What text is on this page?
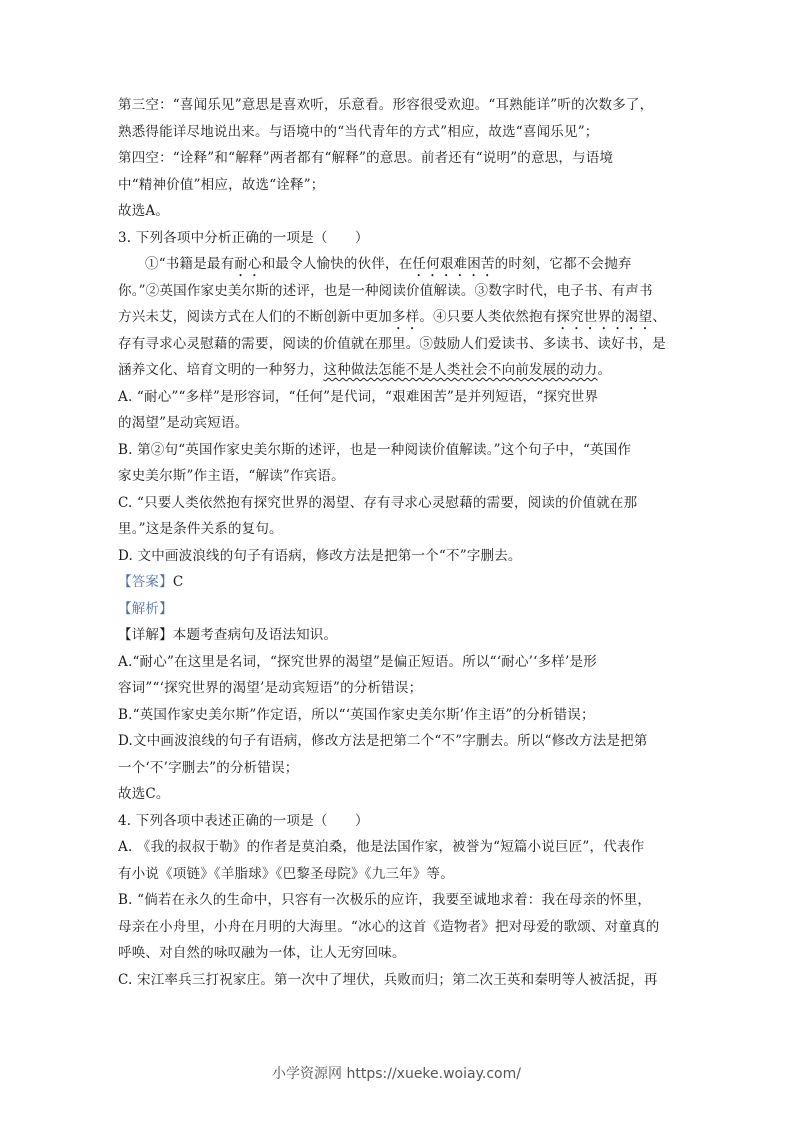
第三空：“喜闻乐见”意思是喜欢听，乐意看。形容很受欢迎。“耳熟能详”听的次数多了，
熟悉得能详尽地说出来。与语境中的“当代青年的方式”相应，故选“喜闻乐见”；
第四空：“诠释”和“解释”两者都有“解释”的意思。前者还有“说明”的意思，与语境
中“精神价值”相应，故选“诠释”；
故选A。
3. 下列各项中分析正确的一项是（　　）
①“书籍是最有耐心和最令人愉快的伙伴，在任何艰难困苦的时刻，它都不会抛弃
你。”②英国作家史美尔斯的述评，也是一种阅读价值解读。③数字时代，电子书、有声书
方兴未艾，阅读方式在人们的不断创新中更加多样。④只要人类依然抱有探究世界的渴望、
存有寻求心灵慰藉的需要，阅读的价值就在那里。⑤鼓励人们爱读书、多读书、读好书，是
涵养文化、培育文明的一种努力，这种做法怎能不是人类社会不向前发展的动力。
A. “耐心”“多样”是形容词，“任何”是代词，“艰难困苦”是并列短语，“探究世界
的渴望”是动宾短语。
B. 第②句“英国作家史美尔斯的述评，也是一种阅读价值解读。”这个句子中，“英国作
家史美尔斯”作主语，“解读”作宾语。
C. “只要人类依然抱有探究世界的渴望、存有寻求心灵慰藉的需要，阅读的价值就在那
里。”这是条件关系的复句。
D. 文中画波浪线的句子有语病，修改方法是把第一个“不”字删去。
【答案】C
【解析】
【详解】本题考查病句及语法知识。
A.“耐心”在这里是名词，“探究世界的渴望”是偏正短语。所以“‘耐心’‘多样’是形
容词”“‘探究世界的渴望’是动宾短语”的分析错误；
B.“英国作家史美尔斯”作定语，所以“‘英国作家史美尔斯’作主语”的分析错误；
D.文中画波浪线的句子有语病，修改方法是把第二个“不”字删去。所以“修改方法是把第
一个‘不’字删去”的分析错误；
故选C。
4. 下列各项中表述正确的一项是（　　）
A. 《我的叔叔于勒》的作者是莫泊桑，他是法国作家，被誉为“短篇小说巨匠”，代表作
有小说《项链》《羊脂球》《巴黎圣母院》《九三年》等。
B. “倘若在永久的生命中，只容有一次极乐的应许，我要至诚地求着：我在母亲的怀里，
母亲在小舟里，小舟在月明的大海里。“冰心的这首《造物者》把对母爱的歌颂、对童真的
呼唤、对自然的咏叹融为一体，让人无穷回味。
C. 宋江率兵三打祝家庄。第一次中了埋伏，兵败而归；第二次王英和秦明等人被活捉，再
小学资源网 https://xueke.woiay.com/
